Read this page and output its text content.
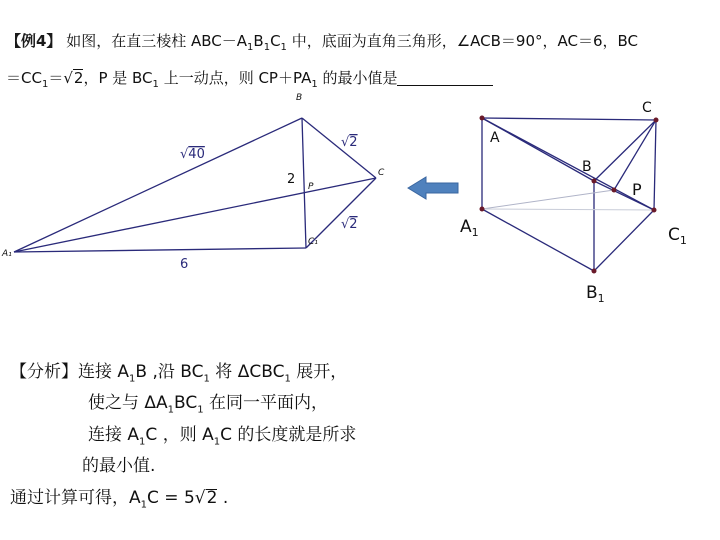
【例4】 如图，在直三棱柱 $ABC-A_1B_1C_1$ 中，底面为直角三角形，∠ACB＝90°，AC＝6，BC
$=CC_1=√2$，P 是 $BC_1$ 上一动点，则 $CP+PA_1$ 的最小值是
B
C
P
C₁
A₁
√40
√2
√2
2
6
A
C
B
P
$A_1$	$C_1$
$B_1$
【分析】连接 $A_1B$ ,沿 $BC_1$ 将 $\Delta CBC_1$ 展开，
使之与 $\Delta A_1BC_1$ 在同一平面内，
连接 $A_1C$ ，则 $A_1C$ 的长度就是所求
的最小值.
通过计算可得，$A_1C = 5√2$ .
